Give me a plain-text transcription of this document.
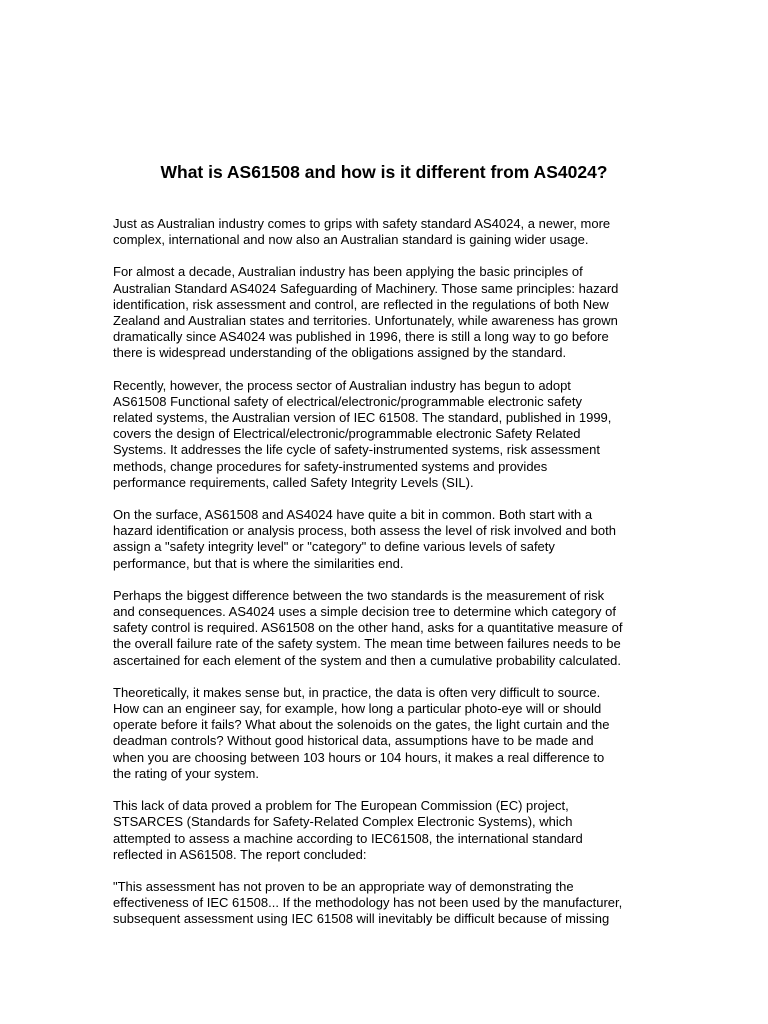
What is AS61508 and how is it different from AS4024?

Just as Australian industry comes to grips with safety standard AS4024, a newer, more
complex, international and now also an Australian standard is gaining wider usage.

For almost a decade, Australian industry has been applying the basic principles of
Australian Standard AS4024 Safeguarding of Machinery. Those same principles: hazard
identification, risk assessment and control, are reflected in the regulations of both New
Zealand and Australian states and territories. Unfortunately, while awareness has grown
dramatically since AS4024 was published in 1996, there is still a long way to go before
there is widespread understanding of the obligations assigned by the standard.

Recently, however, the process sector of Australian industry has begun to adopt
AS61508 Functional safety of electrical/electronic/programmable electronic safety
related systems, the Australian version of IEC 61508. The standard, published in 1999,
covers the design of Electrical/electronic/programmable electronic Safety Related
Systems. It addresses the life cycle of safety-instrumented systems, risk assessment
methods, change procedures for safety-instrumented systems and provides
performance requirements, called Safety Integrity Levels (SIL).

On the surface, AS61508 and AS4024 have quite a bit in common. Both start with a
hazard identification or analysis process, both assess the level of risk involved and both
assign a "safety integrity level" or "category" to define various levels of safety
performance, but that is where the similarities end.

Perhaps the biggest difference between the two standards is the measurement of risk
and consequences. AS4024 uses a simple decision tree to determine which category of
safety control is required. AS61508 on the other hand, asks for a quantitative measure of
the overall failure rate of the safety system. The mean time between failures needs to be
ascertained for each element of the system and then a cumulative probability calculated.

Theoretically, it makes sense but, in practice, the data is often very difficult to source.
How can an engineer say, for example, how long a particular photo-eye will or should
operate before it fails? What about the solenoids on the gates, the light curtain and the
deadman controls? Without good historical data, assumptions have to be made and
when you are choosing between 103 hours or 104 hours, it makes a real difference to
the rating of your system.

This lack of data proved a problem for The European Commission (EC) project,
STSARCES (Standards for Safety-Related Complex Electronic Systems), which
attempted to assess a machine according to IEC61508, the international standard
reflected in AS61508. The report concluded:

"This assessment has not proven to be an appropriate way of demonstrating the
effectiveness of IEC 61508... If the methodology has not been used by the manufacturer,
subsequent assessment using IEC 61508 will inevitably be difficult because of missing
